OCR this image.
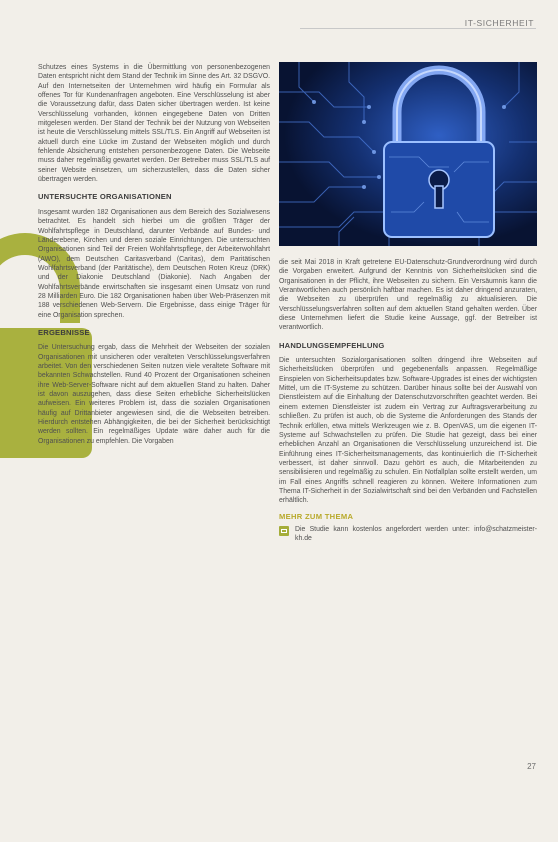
IT-SICHERHEIT

Schutzes eines Systems in die Übermittlung von personenbezogenen Daten entspricht nicht dem Stand der Technik im Sinne des Art. 32 DSGVO. Auf den Internetseiten der Unternehmen wird häufig ein Formular als offenes Tor für Kundenanfragen angeboten. Eine Verschlüsselung ist aber die Voraussetzung dafür, dass Daten sicher übertragen werden. Ist keine Verschlüsselung vorhanden, können eingegebene Daten von Dritten mitgelesen werden. Der Stand der Technik bei der Nutzung von Webseiten ist heute die Verschlüsselung mittels SSL/TLS. Ein Angriff auf Webseiten ist aktuell durch eine Lücke im Zustand der Webseiten möglich und durch fehlende Absicherung entstehen personenbezogene Daten. Die Webseite muss daher regelmäßig gewartet werden. Der Betreiber muss SSL/TLS auf seiner Website einsetzen, um sicherzustellen, dass die Daten sicher übertragen werden.

UNTERSUCHTE ORGANISATIONEN

Insgesamt wurden 182 Organisationen aus dem Bereich des Sozialwesens betrachtet. Es handelt sich hierbei um die größten Träger der Wohlfahrtspflege in Deutschland, darunter Verbände auf Bundes- und Länderebene, Kirchen und deren soziale Einrichtungen. Die untersuchten Organisationen sind Teil der Freien Wohlfahrtspflege, der Arbeiterwohlfahrt (AWO), dem Deutschen Caritasverband (Caritas), dem Paritätischen Wohlfahrtsverband (der Paritätische), dem Deutschen Roten Kreuz (DRK) und der Diakonie Deutschland (Diakonie). Nach Angaben der Wohlfahrtsverbände erwirtschaften sie insgesamt einen Umsatz von rund 28 Milliarden Euro. Die 182 Organisationen haben über Web-Präsenzen mit 188 verschiedenen Web-Servern. Die Ergebnisse, dass einige Träger für eine Organisation sprechen.

ERGEBNISSE

Die Untersuchung ergab, dass die Mehrheit der Webseiten der sozialen Organisationen mit unsicheren oder veralteten Verschlüsselungsverfahren arbeitet. Von den verschiedenen Seiten nutzen viele veraltete Software mit bekannten Schwachstellen. Rund 40 Prozent der Organisationen scheinen ihre Web-Server-Software nicht auf dem aktuellen Stand zu halten. Daher ist davon auszugehen, dass diese Seiten erhebliche Sicherheitslücken aufweisen. Ein weiteres Problem ist, dass die sozialen Organisationen häufig auf Drittanbieter angewiesen sind, die die Webseiten betreiben. Hierdurch entstehen Abhängigkeiten, die bei der Sicherheit berücksichtigt werden sollten. Ein regelmäßiges Update wäre daher auch für die Organisationen zu empfehlen. Die Vorgaben

die seit Mai 2018 in Kraft getretene EU-Datenschutz-Grundverordnung wird durch die Vorgaben erweitert. Aufgrund der Kenntnis von Sicherheitslücken sind die Organisationen in der Pflicht, ihre Webseiten zu sichern. Ein Versäumnis kann die Verantwortlichen auch persönlich haftbar machen. Es ist daher dringend anzuraten, die Webseiten zu überprüfen und regelmäßig zu aktualisieren. Die Verschlüsselungsverfahren sollten auf dem aktuellen Stand gehalten werden. Über diese Unternehmen liefert die Studie keine Aussage, ggf. der Betreiber ist verantwortlich.

HANDLUNGSEMPFEHLUNG

Die untersuchten Sozialorganisationen sollten dringend ihre Webseiten auf Sicherheitslücken überprüfen und gegebenenfalls anpassen. Regelmäßige Einspielen von Sicherheitsupdates bzw. Software-Upgrades ist eines der wichtigsten Mittel, um die IT-Systeme zu schützen. Darüber hinaus sollte bei der Auswahl von Dienstleistern auf die Einhaltung der Datenschutzvorschriften geachtet werden. Bei einem externen Dienstleister ist zudem ein Vertrag zur Auftragsverarbeitung zu schließen. Zu prüfen ist auch, ob die Systeme die Anforderungen des Stands der Technik erfüllen, etwa mittels Werkzeugen wie z. B. OpenVAS, um die eigenen IT-Systeme auf Schwachstellen zu prüfen. Die Studie hat gezeigt, dass bei einer erheblichen Anzahl an Organisationen die Verschlüsselung unzureichend ist. Die Einführung eines IT-Sicherheitsmanagements, das kontinuierlich die IT-Sicherheit verbessert, ist daher sinnvoll. Dazu gehört es auch, die Mitarbeitenden zu sensibilisieren und regelmäßig zu schulen. Ein Notfallplan sollte erstellt werden, um im Fall eines Angriffs schnell reagieren zu können. Weitere Informationen zum Thema IT-Sicherheit in der Sozialwirtschaft sind bei den Verbänden und Fachstellen erhältlich.

MEHR ZUM THEMA

Die Studie kann kostenlos angefordert werden unter: info@schatzmeister-kh.de

27
